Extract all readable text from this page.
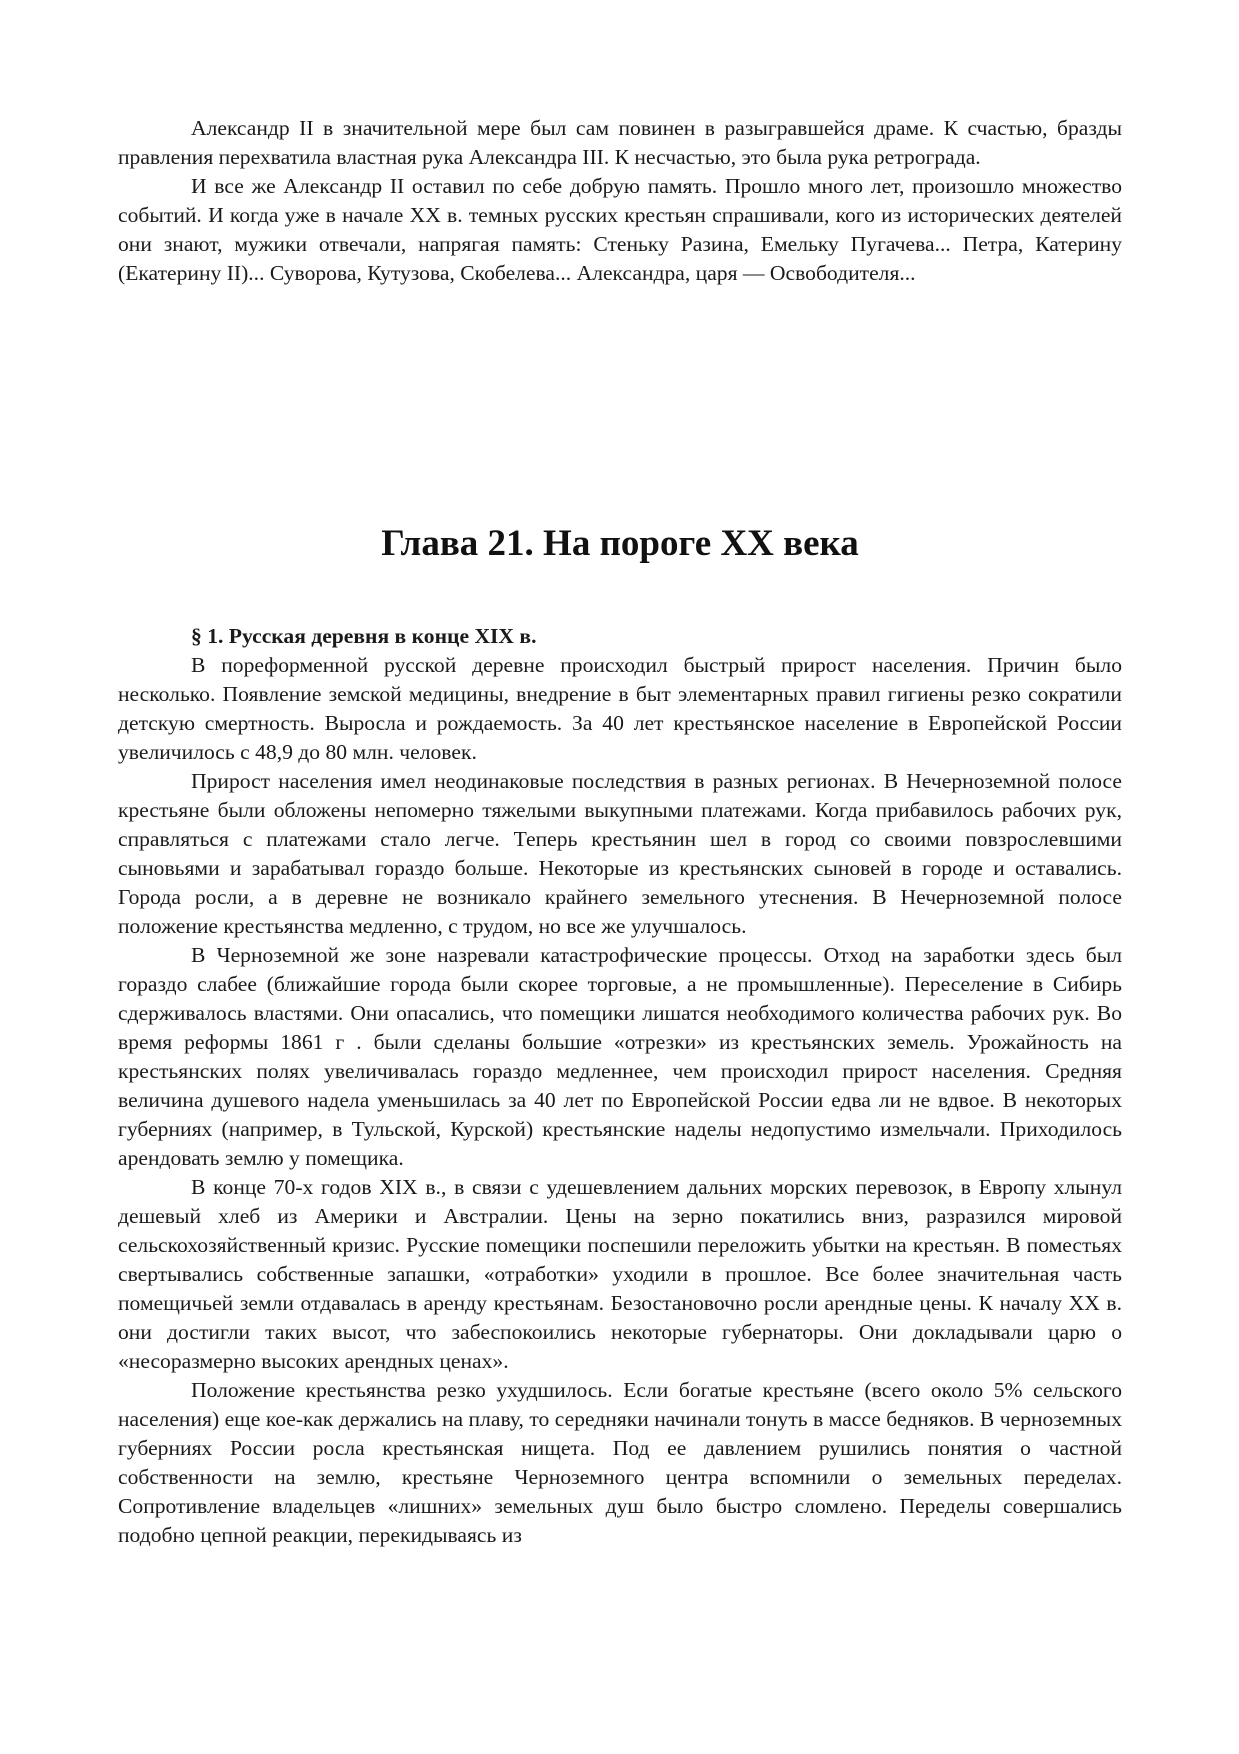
Александр II в значительной мере был сам повинен в разыгравшейся драме. К счастью, бразды правления перехватила властная рука Александра III. К несчастью, это была рука ретрограда.

И все же Александр II оставил по себе добрую память. Прошло много лет, произошло множество событий. И когда уже в начале XX в. темных русских крестьян спрашивали, кого из исторических деятелей они знают, мужики отвечали, напрягая память: Стеньку Разина, Емельку Пугачева... Петра, Катерину (Екатерину II)... Суворова, Кутузова, Скобелева... Александра, царя — Освободителя...

Глава 21. На пороге XX века

§ 1. Русская деревня в конце XIX в.

В пореформенной русской деревне происходил быстрый прирост населения. Причин было несколько. Появление земской медицины, внедрение в быт элементарных правил гигиены резко сократили детскую смертность. Выросла и рождаемость. За 40 лет крестьянское население в Европейской России увеличилось с 48,9 до 80 млн. человек.

Прирост населения имел неодинаковые последствия в разных регионах. В Нечерноземной полосе крестьяне были обложены непомерно тяжелыми выкупными платежами. Когда прибавилось рабочих рук, справляться с платежами стало легче. Теперь крестьянин шел в город со своими повзрослевшими сыновьями и зарабатывал гораздо больше. Некоторые из крестьянских сыновей в городе и оставались. Города росли, а в деревне не возникало крайнего земельного утеснения. В Нечерноземной полосе положение крестьянства медленно, с трудом, но все же улучшалось.

В Черноземной же зоне назревали катастрофические процессы. Отход на заработки здесь был гораздо слабее (ближайшие города были скорее торговые, а не промышленные). Переселение в Сибирь сдерживалось властями. Они опасались, что помещики лишатся необходимого количества рабочих рук. Во время реформы 1861 г . были сделаны большие «отрезки» из крестьянских земель. Урожайность на крестьянских полях увеличивалась гораздо медленнее, чем происходил прирост населения. Средняя величина душевого надела уменьшилась за 40 лет по Европейской России едва ли не вдвое. В некоторых губерниях (например, в Тульской, Курской) крестьянские наделы недопустимо измельчали. Приходилось арендовать землю у помещика.

В конце 70-х годов XIX в., в связи с удешевлением дальних морских перевозок, в Европу хлынул дешевый хлеб из Америки и Австралии. Цены на зерно покатились вниз, разразился мировой сельскохозяйственный кризис. Русские помещики поспешили переложить убытки на крестьян. В поместьях свертывались собственные запашки, «отработки» уходили в прошлое. Все более значительная часть помещичьей земли отдавалась в аренду крестьянам. Безостановочно росли арендные цены. К началу XX в. они достигли таких высот, что забеспокоились некоторые губернаторы. Они докладывали царю о «несоразмерно высоких арендных ценах».

Положение крестьянства резко ухудшилось. Если богатые крестьяне (всего около 5% сельского населения) еще кое-как держались на плаву, то середняки начинали тонуть в массе бедняков. В черноземных губерниях России росла крестьянская нищета. Под ее давлением рушились понятия о частной собственности на землю, крестьяне Черноземного центра вспомнили о земельных переделах. Сопротивление владельцев «лишних» земельных душ было быстро сломлено. Переделы совершались подобно цепной реакции, перекидываясь из
